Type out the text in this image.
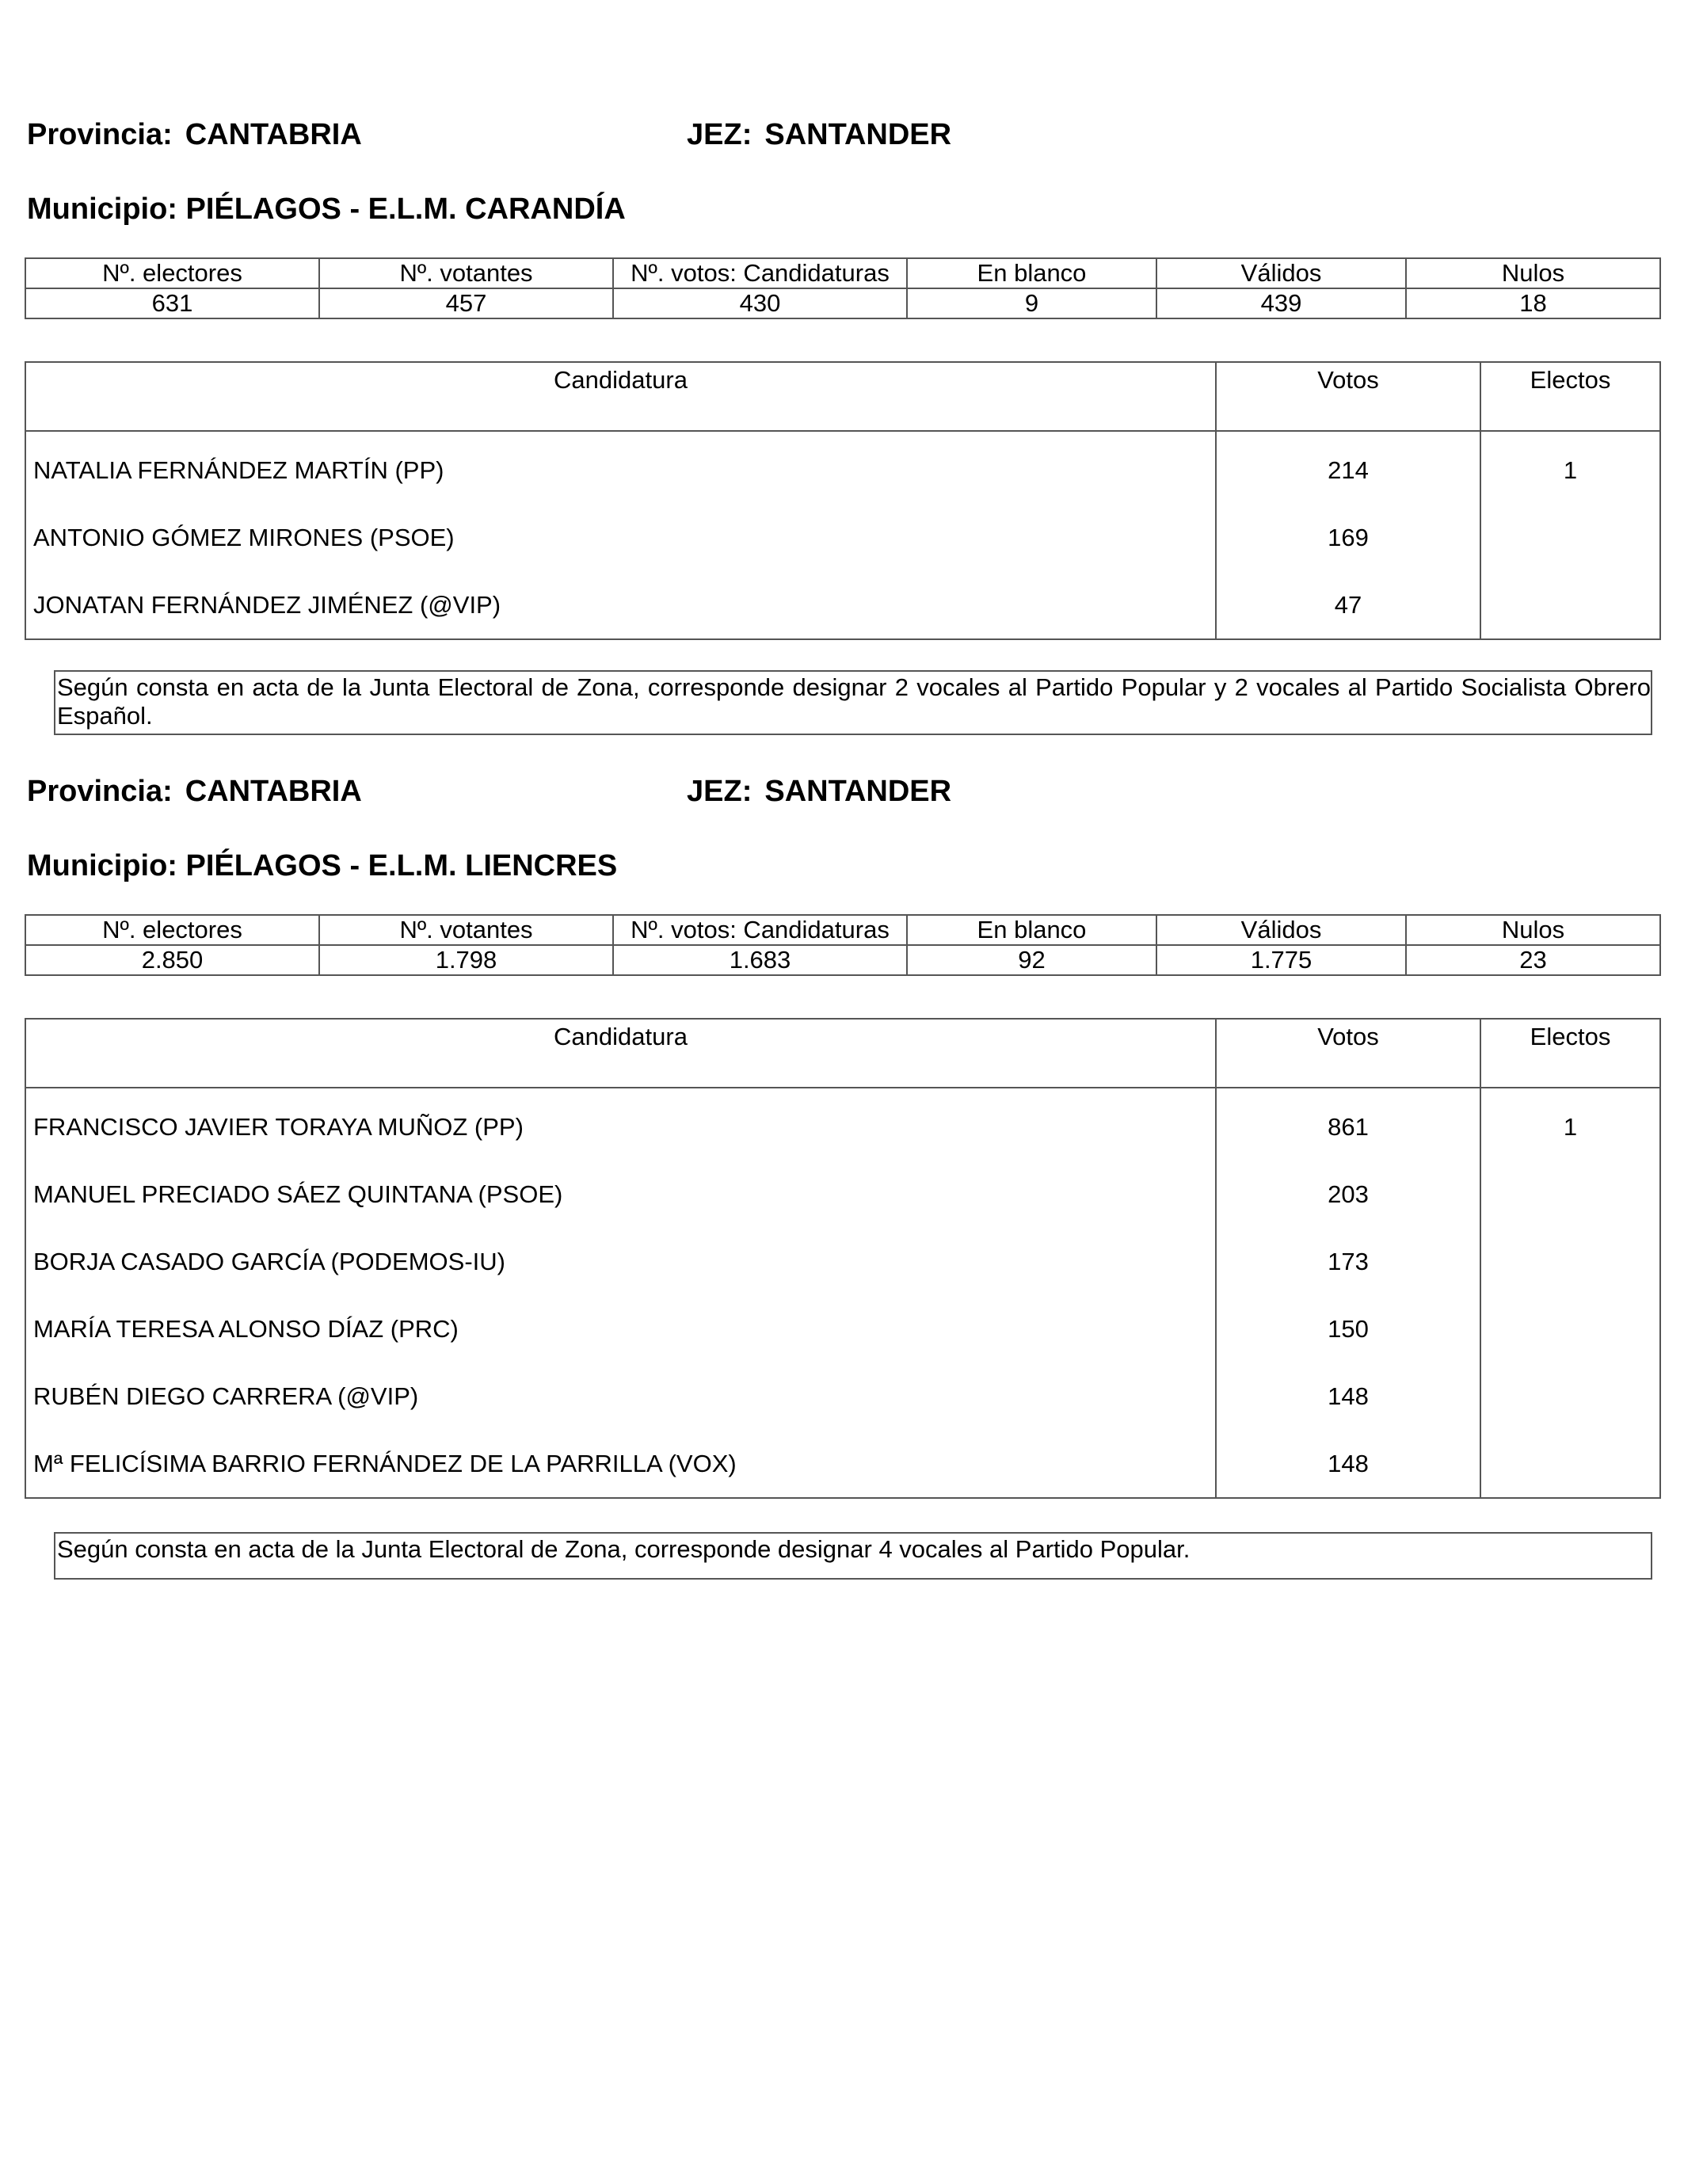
Provincia: CANTABRIA	JEZ: SANTANDER
Municipio: PIÉLAGOS - E.L.M. CARANDÍA
Nº. electores	Nº. votantes	Nº. votos: Candidaturas	En blanco	Válidos	Nulos
631	457	430	9	439	18
Candidatura	Votos	Electos
NATALIA FERNÁNDEZ MARTÍN (PP)	214	1
ANTONIO GÓMEZ MIRONES (PSOE)	169	
JONATAN FERNÁNDEZ JIMÉNEZ (@VIP)	47	
Según consta en acta de la Junta Electoral de Zona, corresponde designar 2 vocales al Partido Popular y 2 vocales al Partido Socialista Obrero Español.
Provincia: CANTABRIA	JEZ: SANTANDER
Municipio: PIÉLAGOS - E.L.M. LIENCRES
Nº. electores	Nº. votantes	Nº. votos: Candidaturas	En blanco	Válidos	Nulos
2.850	1.798	1.683	92	1.775	23
Candidatura	Votos	Electos
FRANCISCO JAVIER TORAYA MUÑOZ (PP)	861	1
MANUEL PRECIADO SÁEZ QUINTANA (PSOE)	203	
BORJA CASADO GARCÍA (PODEMOS-IU)	173	
MARÍA TERESA ALONSO DÍAZ (PRC)	150	
RUBÉN DIEGO CARRERA (@VIP)	148	
Mª FELICÍSIMA BARRIO FERNÁNDEZ DE LA PARRILLA (VOX)	148	
Según consta en acta de la Junta Electoral de Zona, corresponde designar 4 vocales al Partido Popular.
